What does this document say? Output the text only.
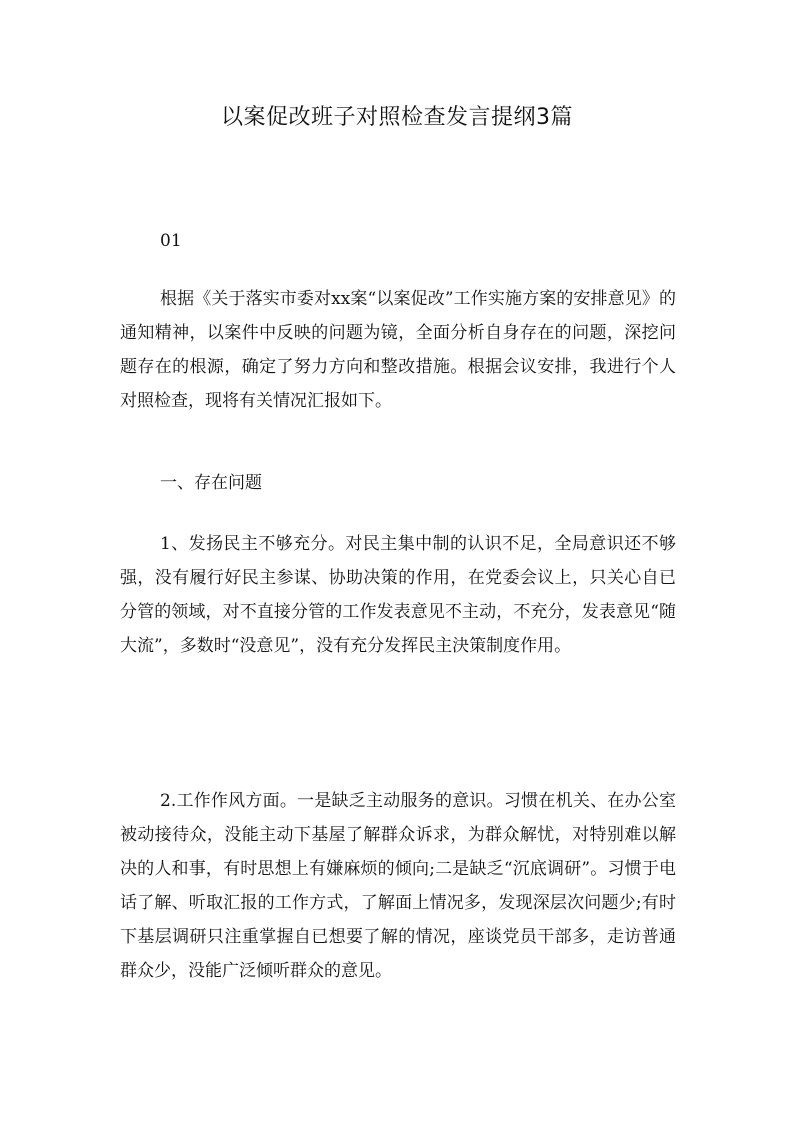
以案促改班子对照检查发言提纲3篇
01

根据《关于落实市委对xx案“以案促改”工作实施方案的安排意见》的通知精神，以案件中反映的问题为镜，全面分析自身存在的问题，深挖问题存在的根源，确定了努力方向和整改措施。根据会议安排，我进行个人对照检查，现将有关情况汇报如下。

一、存在问题

1、发扬民主不够充分。对民主集中制的认识不足，全局意识还不够强，没有履行好民主参谋、协助决策的作用，在党委会议上，只关心自已分管的领域，对不直接分管的工作发表意见不主动，不充分，发表意见“随大流”，多数时“没意见”，没有充分发挥民主決策制度作用。

2.工作作风方面。一是缺乏主动服务的意识。习惯在机关、在办公室被动接待众，没能主动下基屋了解群众诉求，为群众解忧，对特别难以解决的人和事，有时思想上有嫌麻烦的倾向;二是缺乏“沉底调研”。习惯于电话了解、听取汇报的工作方式，了解面上情况多，发现深层次问题少;有时下基层调研只注重掌握自已想要了解的情况，座谈党员干部多，走访普通群众少，没能广泛倾听群众的意见。
